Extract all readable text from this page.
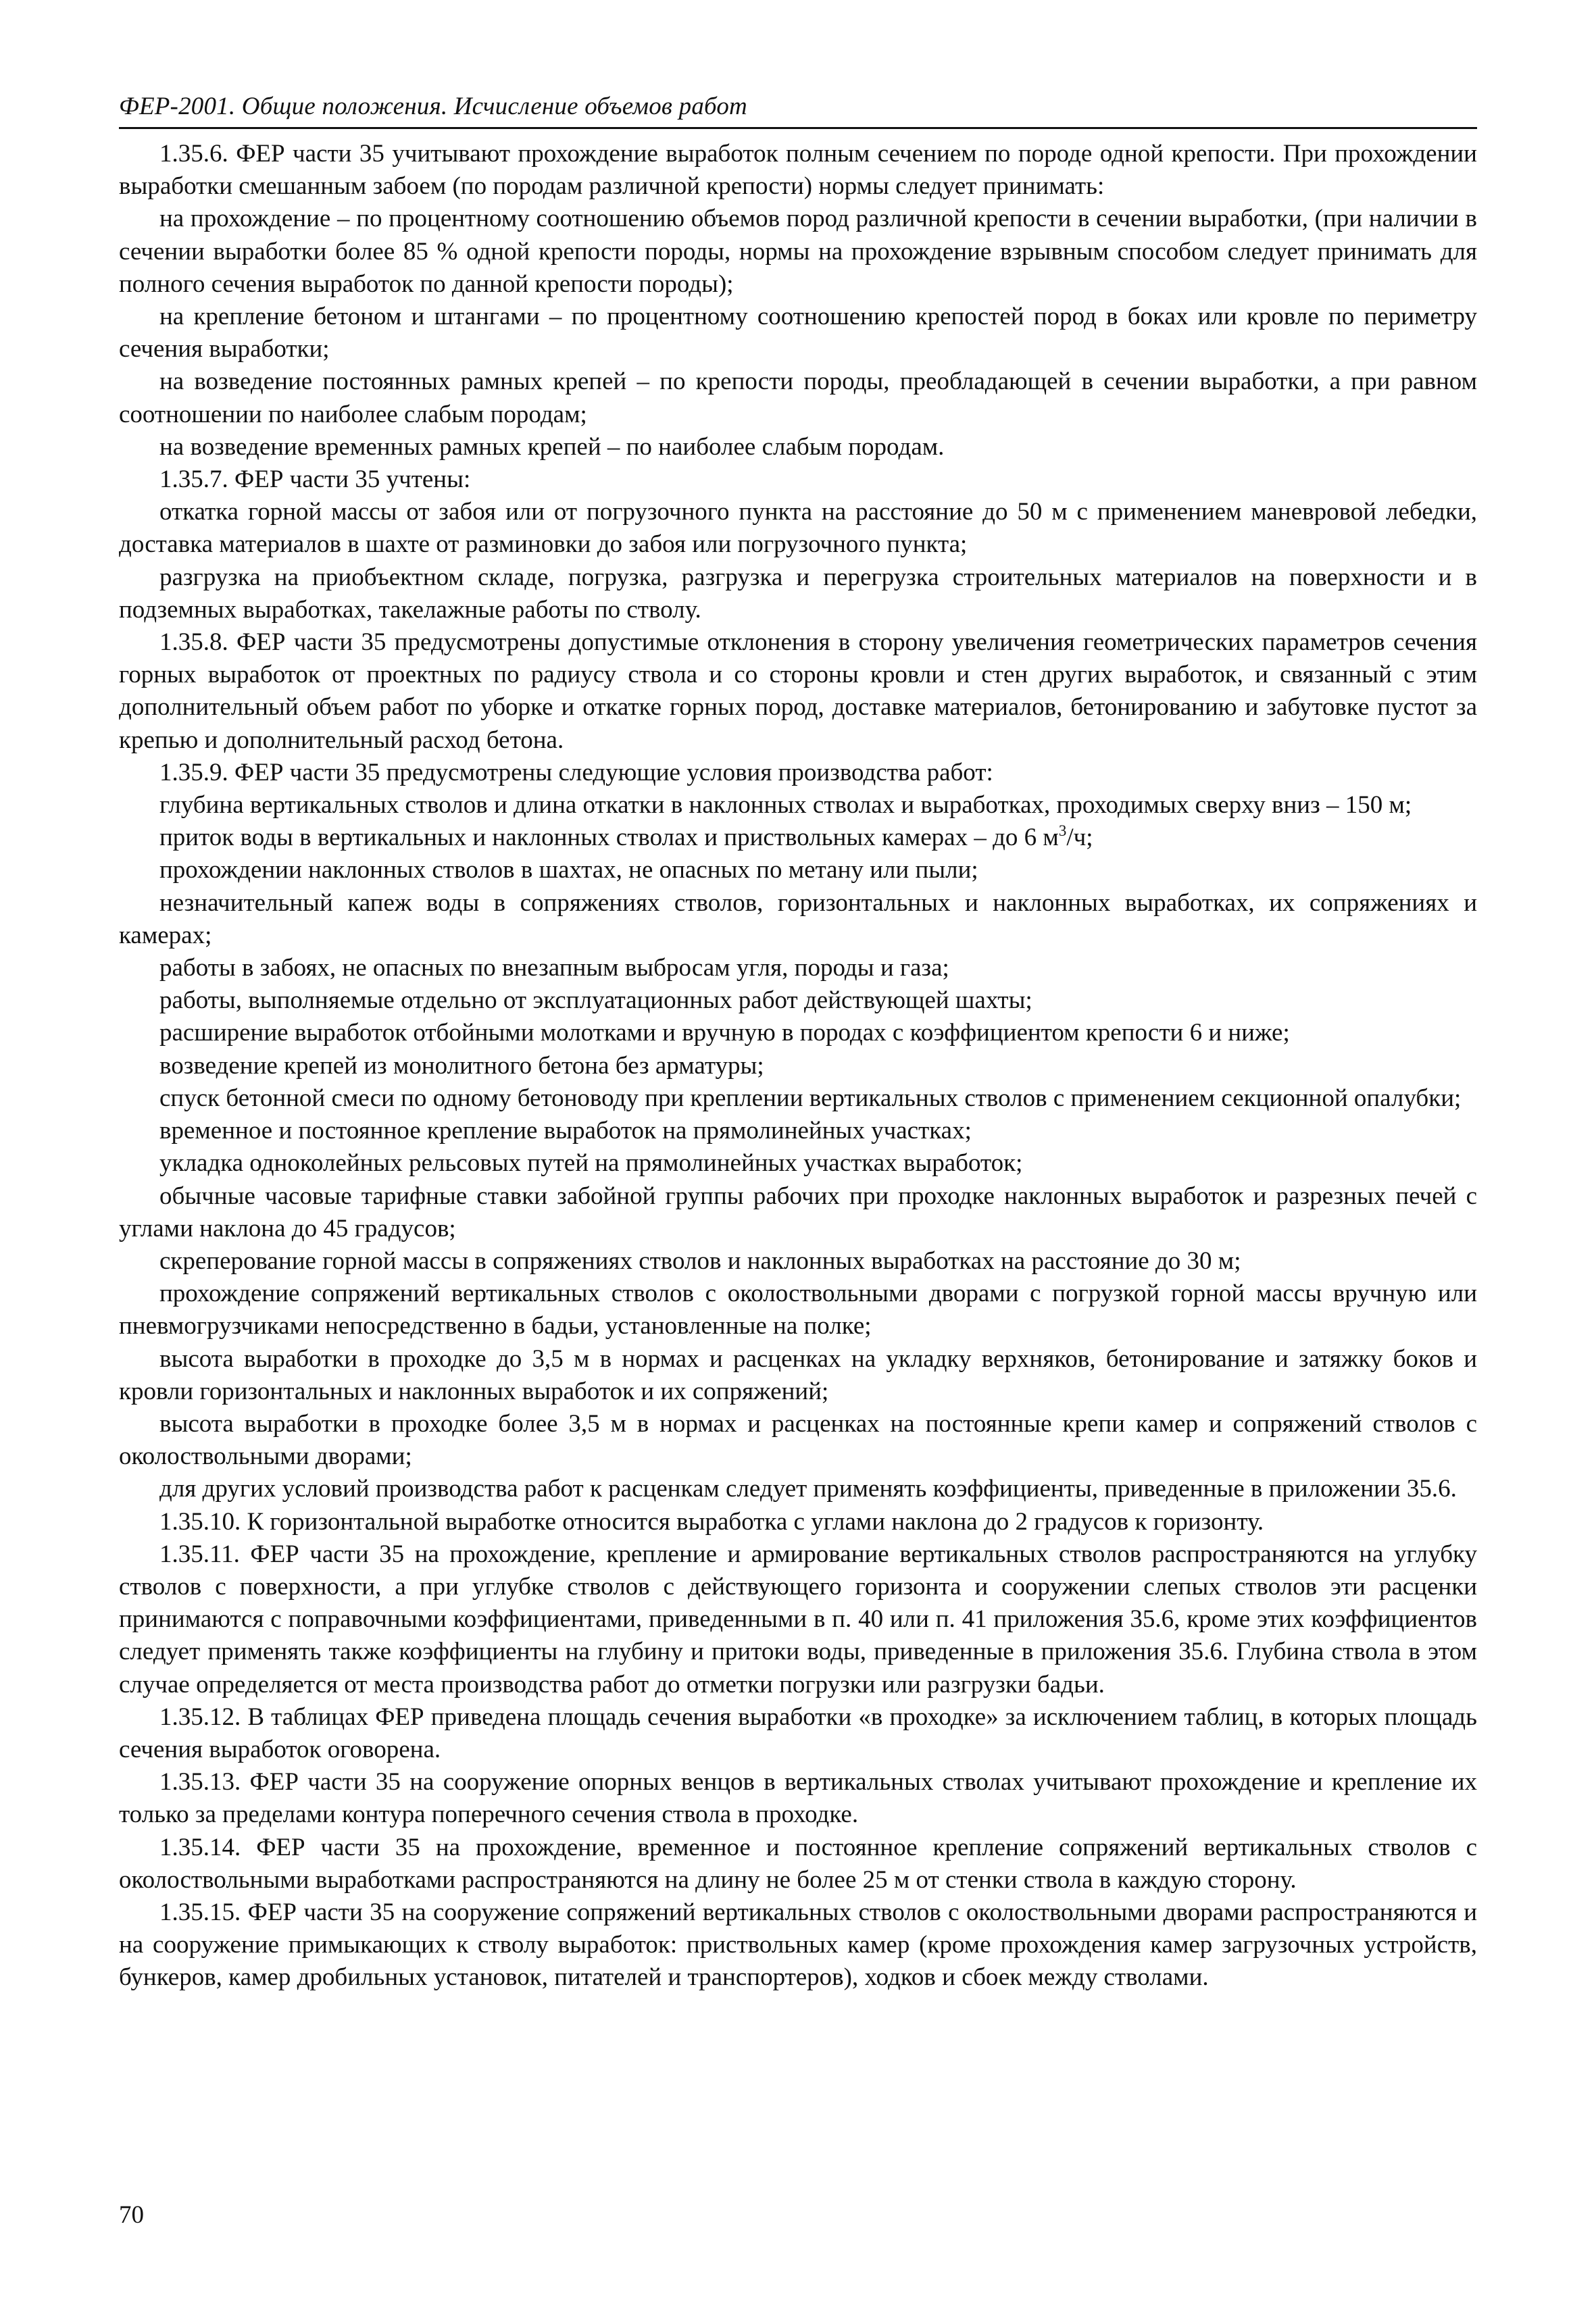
ФЕР-2001. Общие положения. Исчисление объемов работ

1.35.6. ФЕР части 35 учитывают прохождение выработок полным сечением по породе одной крепости. При прохождении выработки смешанным забоем (по породам различной крепости) нормы следует принимать:

на прохождение – по процентному соотношению объемов пород различной крепости в сечении выработки, (при наличии в сечении выработки более 85 % одной крепости породы, нормы на прохождение взрывным способом следует принимать для полного сечения выработок по данной крепости породы);

на крепление бетоном и штангами – по процентному соотношению крепостей пород в боках или кровле по периметру сечения выработки;

на возведение постоянных рамных крепей – по крепости породы, преобладающей в сечении выработки, а при равном соотношении по наиболее слабым породам;

на возведение временных рамных крепей – по наиболее слабым породам.

1.35.7. ФЕР части 35 учтены:

откатка горной массы от забоя или от погрузочного пункта на расстояние до 50 м с применением маневровой лебедки, доставка материалов в шахте от разминовки до забоя или погрузочного пункта;

разгрузка на приобъектном складе, погрузка, разгрузка и перегрузка строительных материалов на поверхности и в подземных выработках, такелажные работы по стволу.

1.35.8. ФЕР части 35 предусмотрены допустимые отклонения в сторону увеличения геометрических параметров сечения горных выработок от проектных по радиусу ствола и со стороны кровли и стен других выработок, и связанный с этим дополнительный объем работ по уборке и откатке горных пород, доставке материалов, бетонированию и забутовке пустот за крепью и дополнительный расход бетона.

1.35.9. ФЕР части 35 предусмотрены следующие условия производства работ:

глубина вертикальных стволов и длина откатки в наклонных стволах и выработках, проходимых сверху вниз – 150 м;

приток воды в вертикальных и наклонных стволах и приствольных камерах – до 6 $м^3/ч$;

прохождении наклонных стволов в шахтах, не опасных по метану или пыли;

незначительный капеж воды в сопряжениях стволов, горизонтальных и наклонных выработках, их сопряжениях и камерах;

работы в забоях, не опасных по внезапным выбросам угля, породы и газа;

работы, выполняемые отдельно от эксплуатационных работ действующей шахты;

расширение выработок отбойными молотками и вручную в породах с коэффициентом крепости 6 и ниже;

возведение крепей из монолитного бетона без арматуры;

спуск бетонной смеси по одному бетоноводу при креплении вертикальных стволов с применением секционной опалубки;

временное и постоянное крепление выработок на прямолинейных участках;

укладка одноколейных рельсовых путей на прямолинейных участках выработок;

обычные часовые тарифные ставки забойной группы рабочих при проходке наклонных выработок и разрезных печей с углами наклона до 45 градусов;

скреперование горной массы в сопряжениях стволов и наклонных выработках на расстояние до 30 м;

прохождение сопряжений вертикальных стволов с околоствольными дворами с погрузкой горной массы вручную или пневмогрузчиками непосредственно в бадьи, установленные на полке;

высота выработки в проходке до 3,5 м в нормах и расценках на укладку верхняков, бетонирование и затяжку боков и кровли горизонтальных и наклонных выработок и их сопряжений;

высота выработки в проходке более 3,5 м в нормах и расценках на постоянные крепи камер и сопряжений стволов с околоствольными дворами;

для других условий производства работ к расценкам следует применять коэффициенты, приведенные в приложении 35.6.

1.35.10. К горизонтальной выработке относится выработка с углами наклона до 2 градусов к горизонту.

1.35.11. ФЕР части 35 на прохождение, крепление и армирование вертикальных стволов распространяются на углубку стволов с поверхности, а при углубке стволов с действующего горизонта и сооружении слепых стволов эти расценки принимаются с поправочными коэффициентами, приведенными в п. 40 или п. 41 приложения 35.6, кроме этих коэффициентов следует применять также коэффициенты на глубину и притоки воды, приведенные в приложения 35.6. Глубина ствола в этом случае определяется от места производства работ до отметки погрузки или разгрузки бадьи.

1.35.12. В таблицах ФЕР приведена площадь сечения выработки «в проходке» за исключением таблиц, в которых площадь сечения выработок оговорена.

1.35.13. ФЕР части 35 на сооружение опорных венцов в вертикальных стволах учитывают прохождение и крепление их только за пределами контура поперечного сечения ствола в проходке.

1.35.14. ФЕР части 35 на прохождение, временное и постоянное крепление сопряжений вертикальных стволов с околоствольными выработками распространяются на длину не более 25 м от стенки ствола в каждую сторону.

1.35.15. ФЕР части 35 на сооружение сопряжений вертикальных стволов с околоствольными дворами распространяются и на сооружение примыкающих к стволу выработок: приствольных камер (кроме прохождения камер загрузочных устройств, бункеров, камер дробильных установок, питателей и транспортеров), ходков и сбоек между стволами.

70
